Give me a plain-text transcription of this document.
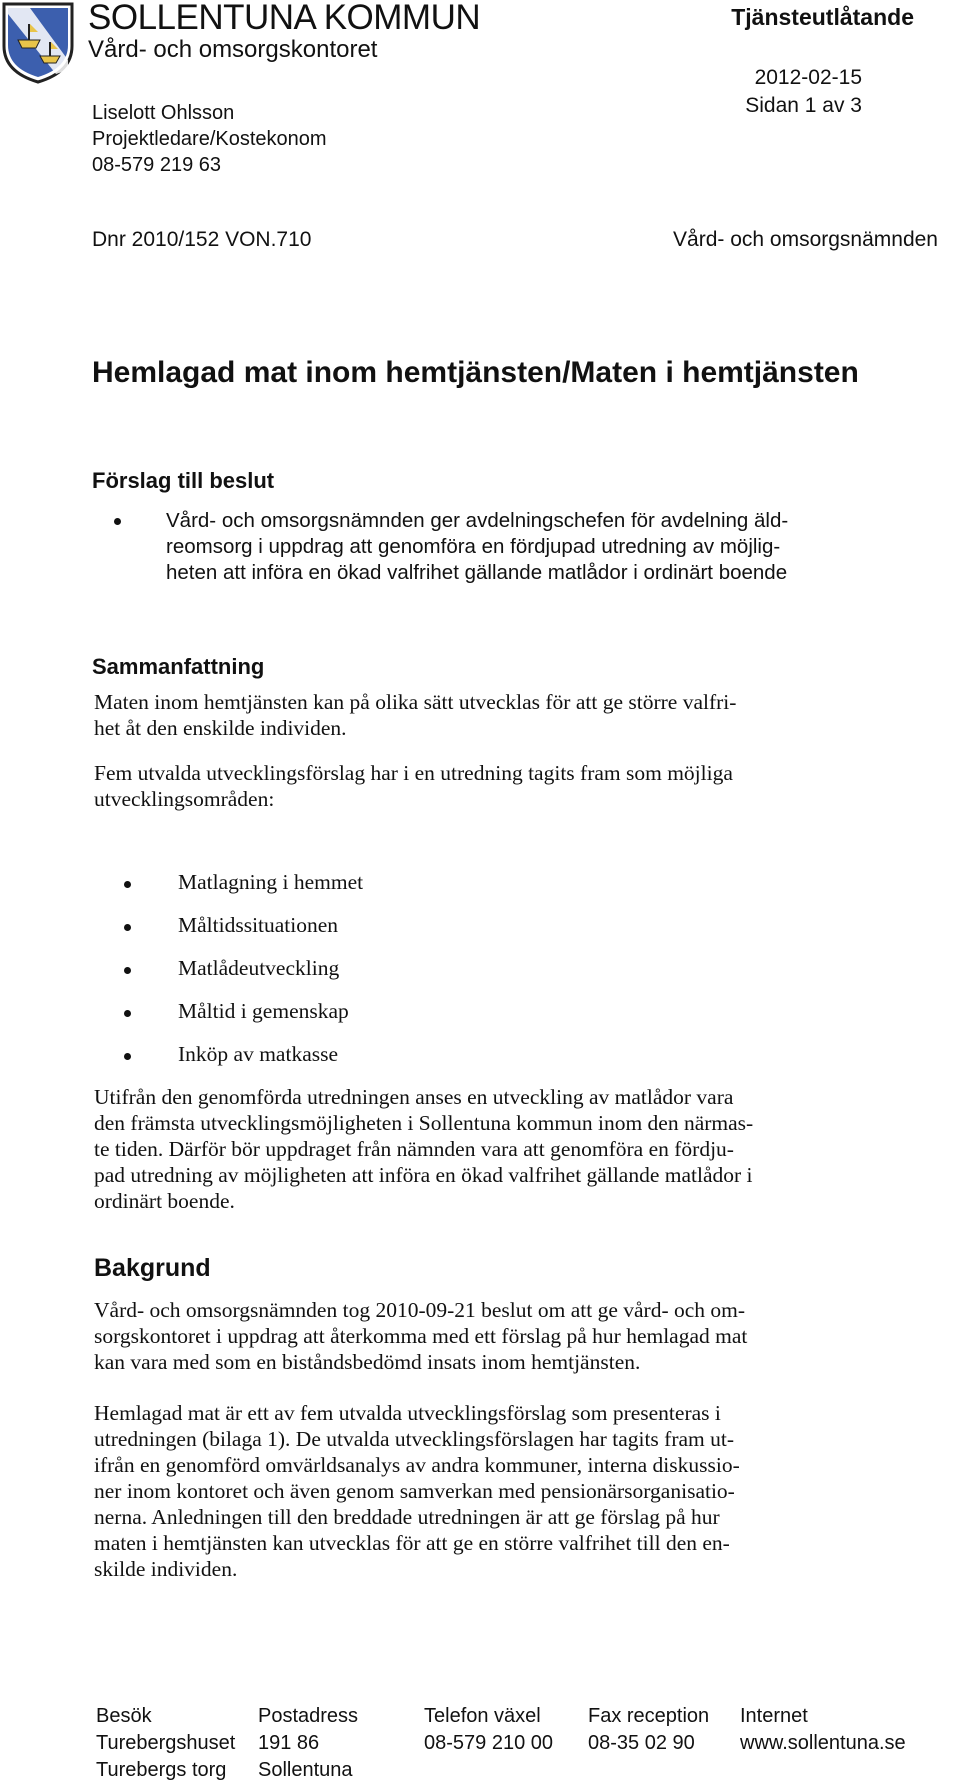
SOLLENTUNA KOMMUN
Vård- och omsorgskontoret
Tjänsteutlåtande
2012-02-15
Sidan 1 av 3
Liselott Ohlsson
Projektledare/Kostekonom
08-579 219 63
Dnr 2010/152 VON.710	Vård- och omsorgsnämnden
Hemlagad mat inom hemtjänsten/Maten i hemtjänsten
Förslag till beslut
Vård- och omsorgsnämnden ger avdelningschefen för avdelning äld-
reomsorg i uppdrag att genomföra en fördjupad utredning av möjlig-
heten att införa en ökad valfrihet gällande matlådor i ordinärt boende
Sammanfattning

Maten inom hemtjänsten kan på olika sätt utvecklas för att ge större valfri-
het åt den enskilde individen.

Fem utvalda utvecklingsförslag har i en utredning tagits fram som möjliga
utvecklingsområden:

Matlagning i hemmet
Måltidssituationen
Matlådeutveckling
Måltid i gemenskap
Inköp av matkasse

Utifrån den genomförda utredningen anses en utveckling av matlådor vara
den främsta utvecklingsmöjligheten i Sollentuna kommun inom den närmas-
te tiden. Därför bör uppdraget från nämnden vara att genomföra en fördju-
pad utredning av möjligheten att införa en ökad valfrihet gällande matlådor i
ordinärt boende.

Bakgrund

Vård- och omsorgsnämnden tog 2010-09-21 beslut om att ge vård- och om-
sorgskontoret i uppdrag att återkomma med ett förslag på hur hemlagad mat
kan vara med som en biståndsbedömd insats inom hemtjänsten.

Hemlagad mat är ett av fem utvalda utvecklingsförslag som presenteras i
utredningen (bilaga 1). De utvalda utvecklingsförslagen har tagits fram ut-
ifrån en genomförd omvärldsanalys av andra kommuner, interna diskussio-
ner inom kontoret och även genom samverkan med pensionärsorganisatio-
nerna. Anledningen till den breddade utredningen är att ge förslag på hur
maten i hemtjänsten kan utvecklas för att ge en större valfrihet till den en-
skilde individen.

Besök
Turebergshuset
Turebergs torg
Postadress
191 86
Sollentuna
Telefon växel
08-579 210 00
Fax reception
08-35 02 90
Internet
www.sollentuna.se
